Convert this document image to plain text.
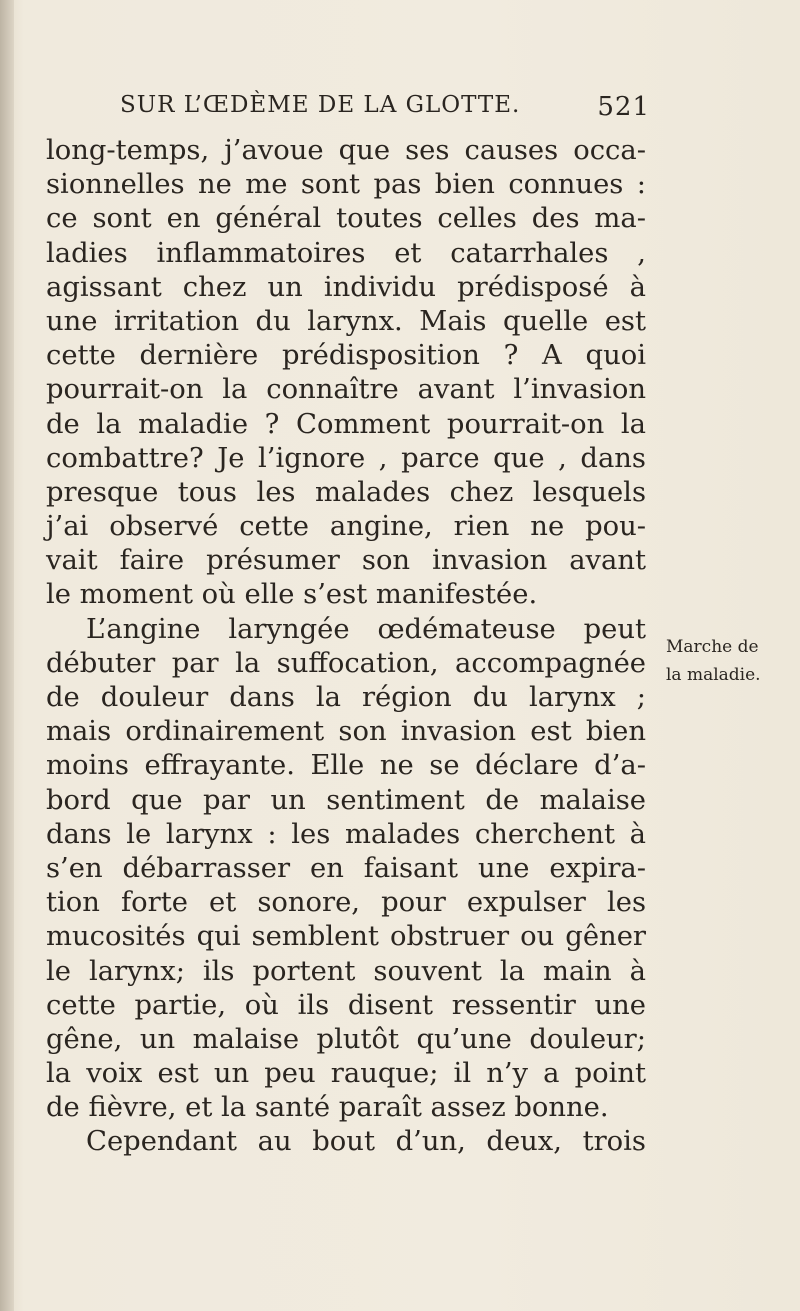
SUR L’ŒDÈME DE LA GLOTTE.	521
long-temps, j’avoue que ses causes occa-
sionnelles ne me sont pas bien connues :
ce sont en général toutes celles des ma-
ladies inflammatoires et catarrhales ,
agissant chez un individu prédisposé à
une irritation du larynx. Mais quelle est
cette dernière prédisposition ? A quoi
pourrait-on la connaître avant l’invasion
de la maladie ? Comment pourrait-on la
combattre? Je l’ignore , parce que , dans
presque tous les malades chez lesquels
j’ai observé cette angine, rien ne pou-
vait faire présumer son invasion avant
le moment où elle s’est manifestée.
L’angine laryngée œdémateuse peut
débuter par la suffocation, accompagnée
de douleur dans la région du larynx ;
mais ordinairement son invasion est bien
moins effrayante. Elle ne se déclare d’a-
bord que par un sentiment de malaise
dans le larynx : les malades cherchent à
s’en débarrasser en faisant une expira-
tion forte et sonore, pour expulser les
mucosités qui semblent obstruer ou gêner
le larynx; ils portent souvent la main à
cette partie, où ils disent ressentir une
gêne, un malaise plutôt qu’une douleur;
la voix est un peu rauque; il n’y a point
de fièvre, et la santé paraît assez bonne.
Cependant au bout d’un, deux, trois
Marche de
la maladie.
